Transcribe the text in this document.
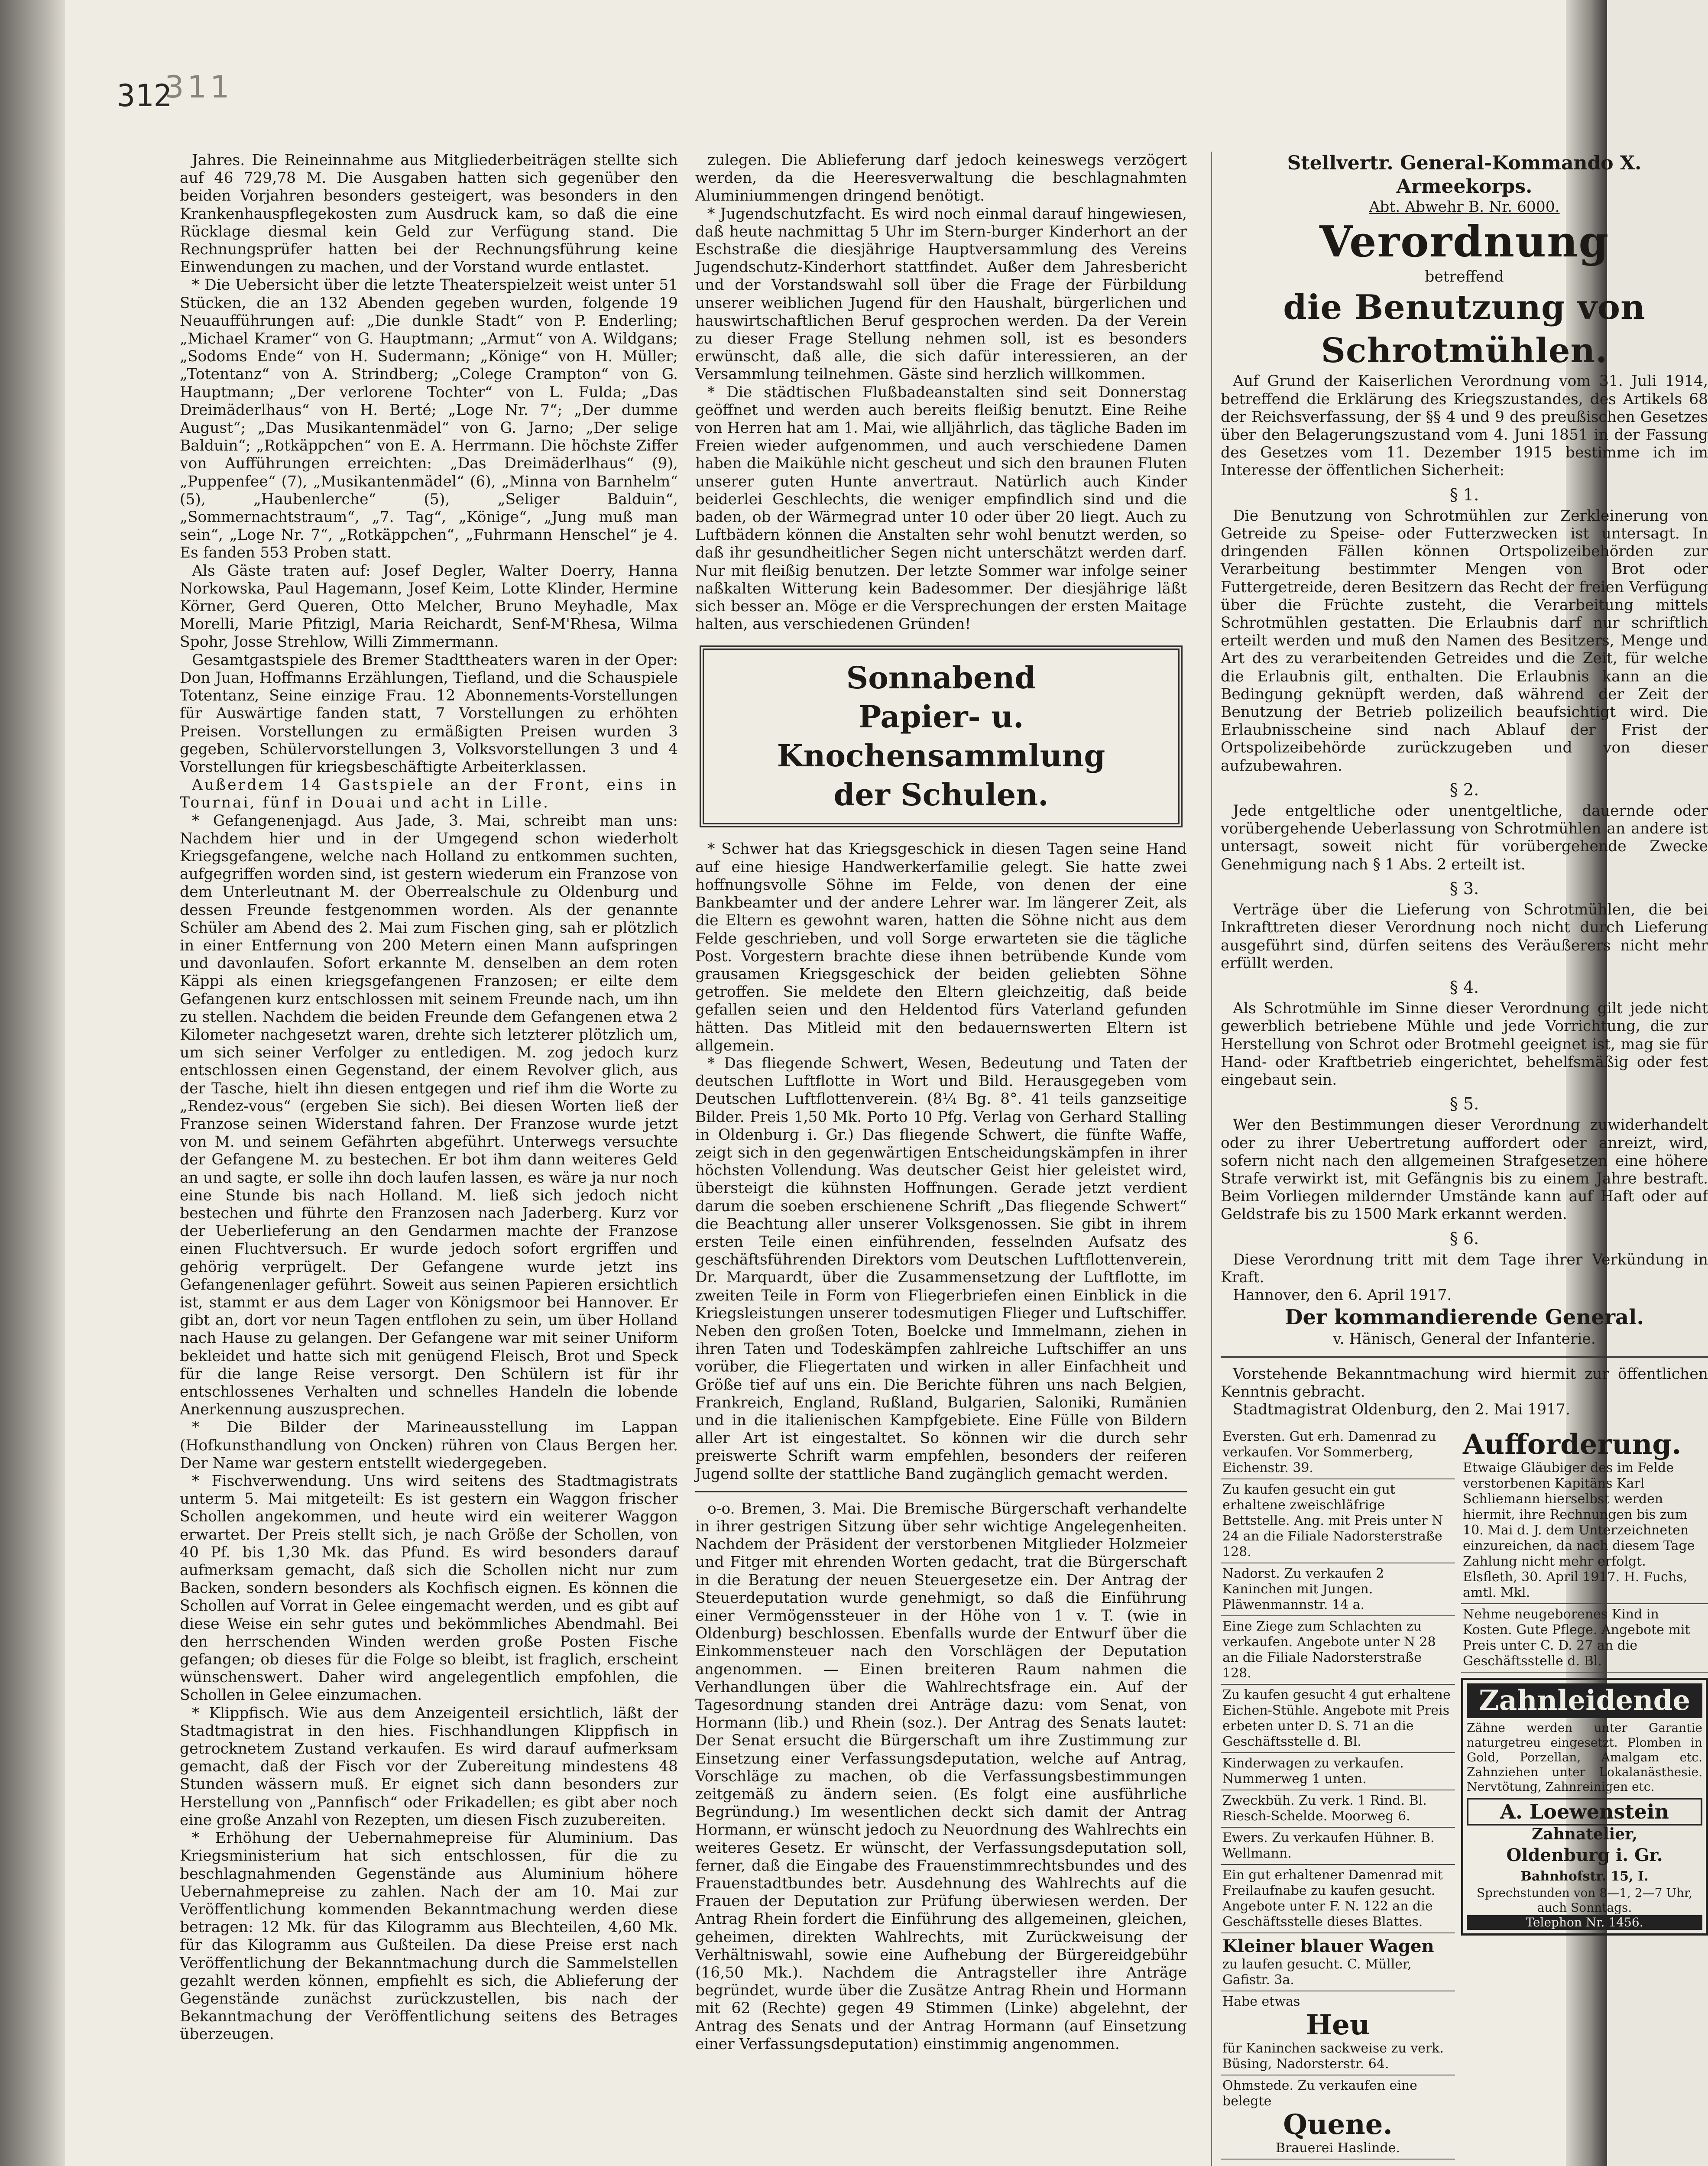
312
311

Jahres. Die Reineinnahme aus Mitgliederbeiträgen stellte sich auf 46 729,78 M. Die Ausgaben hatten sich gegenüber den beiden Vorjahren besonders gesteigert, was besonders in den Krankenhauspflegekosten zum Ausdruck kam, so daß die eine Rücklage diesmal kein Geld zur Verfügung stand. Die Rechnungsprüfer hatten bei der Rechnungsführung keine Einwendungen zu machen, und der Vorstand wurde entlastet.

* Die Uebersicht über die letzte Theaterspielzeit weist unter 51 Stücken, die an 132 Abenden gegeben wurden, folgende 19 Neuaufführungen auf: „Die dunkle Stadt“ von P. Enderling; „Michael Kramer“ von G. Hauptmann; „Armut“ von A. Wildgans; „Sodoms Ende“ von H. Sudermann; „Könige“ von H. Müller; „Totentanz“ von A. Strindberg; „Colege Crampton“ von G. Hauptmann; „Der verlorene Tochter“ von L. Fulda; „Das Dreimäderlhaus“ von H. Berté; „Loge Nr. 7“; „Der dumme August“; „Das Musikantenmädel“ von G. Jarno; „Der selige Balduin“; „Rotkäppchen“ von E. A. Herrmann. Die höchste Ziffer von Aufführungen erreichten: „Das Dreimäderlhaus“ (9), „Puppenfee“ (7), „Musikantenmädel“ (6), „Minna von Barnhelm“ (5), „Haubenlerche“ (5), „Seliger Balduin“, „Sommernachtstraum“, „7. Tag“, „Könige“, „Jung muß man sein“, „Loge Nr. 7“, „Rotkäppchen“, „Fuhrmann Henschel“ je 4. Es fanden 553 Proben statt.

Als Gäste traten auf: Josef Degler, Walter Doerry, Hanna Norkowska, Paul Hagemann, Josef Keim, Lotte Klinder, Hermine Körner, Gerd Queren, Otto Melcher, Bruno Meyhadle, Max Morelli, Marie Pfitzigl, Maria Reichardt, Senf-M'Rhesa, Wilma Spohr, Josse Strehlow, Willi Zimmermann.

Gesamtgastspiele des Bremer Stadttheaters waren in der Oper: Don Juan, Hoffmanns Erzählungen, Tiefland, und die Schauspiele Totentanz, Seine einzige Frau. 12 Abonnements-Vorstellungen für Auswärtige fanden statt, 7 Vorstellungen zu erhöhten Preisen. Vorstellungen zu ermäßigten Preisen wurden 3 gegeben, Schülervorstellungen 3, Volksvorstellungen 3 und 4 Vorstellungen für kriegsbeschäftigte Arbeiterklassen.

Außerdem 14 Gastspiele an der Front, eins in Tournai, fünf in Douai und acht in Lille.

* Gefangenenjagd. Aus Jade, 3. Mai, schreibt man uns: Nachdem hier und in der Umgegend schon wiederholt Kriegsgefangene, welche nach Holland zu entkommen suchten, aufgegriffen worden sind, ist gestern wiederum ein Franzose von dem Unterleutnant M. der Oberrealschule zu Oldenburg und dessen Freunde festgenommen worden. Als der genannte Schüler am Abend des 2. Mai zum Fischen ging, sah er plötzlich in einer Entfernung von 200 Metern einen Mann aufspringen und davonlaufen. Sofort erkannte M. denselben an dem roten Käppi als einen kriegsgefangenen Franzosen; er eilte dem Gefangenen kurz entschlossen mit seinem Freunde nach, um ihn zu stellen. Nachdem die beiden Freunde dem Gefangenen etwa 2 Kilometer nachgesetzt waren, drehte sich letzterer plötzlich um, um sich seiner Verfolger zu entledigen. M. zog jedoch kurz entschlossen einen Gegenstand, der einem Revolver glich, aus der Tasche, hielt ihn diesen entgegen und rief ihm die Worte zu „Rendez-vous“ (ergeben Sie sich). Bei diesen Worten ließ der Franzose seinen Widerstand fahren. Der Franzose wurde jetzt von M. und seinem Gefährten abgeführt. Unterwegs versuchte der Gefangene M. zu bestechen. Er bot ihm dann weiteres Geld an und sagte, er solle ihn doch laufen lassen, es wäre ja nur noch eine Stunde bis nach Holland. M. ließ sich jedoch nicht bestechen und führte den Franzosen nach Jaderberg. Kurz vor der Ueberlieferung an den Gendarmen machte der Franzose einen Fluchtversuch. Er wurde jedoch sofort ergriffen und gehörig verprügelt. Der Gefangene wurde jetzt ins Gefangenenlager geführt. Soweit aus seinen Papieren ersichtlich ist, stammt er aus dem Lager von Königsmoor bei Hannover. Er gibt an, dort vor neun Tagen entflohen zu sein, um über Holland nach Hause zu gelangen. Der Gefangene war mit seiner Uniform bekleidet und hatte sich mit genügend Fleisch, Brot und Speck für die lange Reise versorgt. Den Schülern ist für ihr entschlossenes Verhalten und schnelles Handeln die lobende Anerkennung auszusprechen.

* Die Bilder der Marineausstellung im Lappan (Hofkunsthandlung von Oncken) rühren von Claus Bergen her. Der Name war gestern entstellt wiedergegeben.

* Fischverwendung. Uns wird seitens des Stadtmagistrats unterm 5. Mai mitgeteilt: Es ist gestern ein Waggon frischer Schollen angekommen, und heute wird ein weiterer Waggon erwartet. Der Preis stellt sich, je nach Größe der Schollen, von 40 Pf. bis 1,30 Mk. das Pfund. Es wird besonders darauf aufmerksam gemacht, daß sich die Schollen nicht nur zum Backen, sondern besonders als Kochfisch eignen. Es können die Schollen auf Vorrat in Gelee eingemacht werden, und es gibt auf diese Weise ein sehr gutes und bekömmliches Abendmahl. Bei den herrschenden Winden werden große Posten Fische gefangen; ob dieses für die Folge so bleibt, ist fraglich, erscheint wünschenswert. Daher wird angelegentlich empfohlen, die Schollen in Gelee einzumachen.

* Klippfisch. Wie aus dem Anzeigenteil ersichtlich, läßt der Stadtmagistrat in den hies. Fischhandlungen Klippfisch in getrocknetem Zustand verkaufen. Es wird darauf aufmerksam gemacht, daß der Fisch vor der Zubereitung mindestens 48 Stunden wässern muß. Er eignet sich dann besonders zur Herstellung von „Pannfisch“ oder Frikadellen; es gibt aber noch eine große Anzahl von Rezepten, um diesen Fisch zuzubereiten.

* Erhöhung der Uebernahmepreise für Aluminium. Das Kriegsministerium hat sich entschlossen, für die zu beschlagnahmenden Gegenstände aus Aluminium höhere Uebernahmepreise zu zahlen. Nach der am 10. Mai zur Veröffentlichung kommenden Bekanntmachung werden diese betragen: 12 Mk. für das Kilogramm aus Blechteilen, 4,60 Mk. für das Kilogramm aus Gußteilen. Da diese Preise erst nach Veröffentlichung der Bekanntmachung durch die Sammelstellen gezahlt werden können, empfiehlt es sich, die Ablieferung der Gegenstände zunächst zurückzustellen, bis nach der Bekanntmachung der Veröffentlichung seitens des Betrages überzeugen.

zulegen. Die Ablieferung darf jedoch keineswegs verzögert werden, da die Heeresverwaltung die beschlagnahmten Aluminiummengen dringend benötigt.

* Jugendschutzfacht. Es wird noch einmal darauf hingewiesen, daß heute nachmittag 5 Uhr im Stern-burger Kinderhort an der Eschstraße die diesjährige Hauptversammlung des Vereins Jugendschutz-Kinderhort stattfindet. Außer dem Jahresbericht und der Vorstandswahl soll über die Frage der Fürbildung unserer weiblichen Jugend für den Haushalt, bürgerlichen und hauswirtschaftlichen Beruf gesprochen werden. Da der Verein zu dieser Frage Stellung nehmen soll, ist es besonders erwünscht, daß alle, die sich dafür interessieren, an der Versammlung teilnehmen. Gäste sind herzlich willkommen.

* Die städtischen Flußbadeanstalten sind seit Donnerstag geöffnet und werden auch bereits fleißig benutzt. Eine Reihe von Herren hat am 1. Mai, wie alljährlich, das tägliche Baden im Freien wieder aufgenommen, und auch verschiedene Damen haben die Maikühle nicht gescheut und sich den braunen Fluten unserer guten Hunte anvertraut. Natürlich auch Kinder beiderlei Geschlechts, die weniger empfindlich sind und die baden, ob der Wärmegrad unter 10 oder über 20 liegt. Auch zu Luftbädern können die Anstalten sehr wohl benutzt werden, so daß ihr gesundheitlicher Segen nicht unterschätzt werden darf. Nur mit fleißig benutzen. Der letzte Sommer war infolge seiner naßkalten Witterung kein Badesommer. Der diesjährige läßt sich besser an. Möge er die Versprechungen der ersten Maitage halten, aus verschiedenen Gründen!

Sonnabend
Papier- u. Knochensammlung
der Schulen.

* Schwer hat das Kriegsgeschick in diesen Tagen seine Hand auf eine hiesige Handwerkerfamilie gelegt. Sie hatte zwei hoffnungsvolle Söhne im Felde, von denen der eine Bankbeamter und der andere Lehrer war. Im längerer Zeit, als die Eltern es gewohnt waren, hatten die Söhne nicht aus dem Felde geschrieben, und voll Sorge erwarteten sie die tägliche Post. Vorgestern brachte diese ihnen betrübende Kunde vom grausamen Kriegsgeschick der beiden geliebten Söhne getroffen. Sie meldete den Eltern gleichzeitig, daß beide gefallen seien und den Heldentod fürs Vaterland gefunden hätten. Das Mitleid mit den bedauernswerten Eltern ist allgemein.

* Das fliegende Schwert, Wesen, Bedeutung und Taten der deutschen Luftflotte in Wort und Bild. Herausgegeben vom Deutschen Luftflottenverein. (8¼ Bg. 8°. 41 teils ganzseitige Bilder. Preis 1,50 Mk. Porto 10 Pfg. Verlag von Gerhard Stalling in Oldenburg i. Gr.) Das fliegende Schwert, die fünfte Waffe, zeigt sich in den gegenwärtigen Entscheidungskämpfen in ihrer höchsten Vollendung. Was deutscher Geist hier geleistet wird, übersteigt die kühnsten Hoffnungen. Gerade jetzt verdient darum die soeben erschienene Schrift „Das fliegende Schwert“ die Beachtung aller unserer Volksgenossen. Sie gibt in ihrem ersten Teile einen einführenden, fesselnden Aufsatz des geschäftsführenden Direktors vom Deutschen Luftflottenverein, Dr. Marquardt, über die Zusammensetzung der Luftflotte, im zweiten Teile in Form von Fliegerbriefen einen Einblick in die Kriegsleistungen unserer todesmutigen Flieger und Luftschiffer. Neben den großen Toten, Boelcke und Immelmann, ziehen in ihren Taten und Todeskämpfen zahlreiche Luftschiffer an uns vorüber, die Fliegertaten und wirken in aller Einfachheit und Größe tief auf uns ein. Die Berichte führen uns nach Belgien, Frankreich, England, Rußland, Bulgarien, Saloniki, Rumänien und in die italienischen Kampfgebiete. Eine Fülle von Bildern aller Art ist eingestaltet. So können wir die durch sehr preiswerte Schrift warm empfehlen, besonders der reiferen Jugend sollte der stattliche Band zugänglich gemacht werden.

o-o. Bremen, 3. Mai. Die Bremische Bürgerschaft verhandelte in ihrer gestrigen Sitzung über sehr wichtige Angelegenheiten. Nachdem der Präsident der verstorbenen Mitglieder Holzmeier und Fitger mit ehrenden Worten gedacht, trat die Bürgerschaft in die Beratung der neuen Steuergesetze ein. Der Antrag der Steuerdeputation wurde genehmigt, so daß die Einführung einer Vermögenssteuer in der Höhe von 1 v. T. (wie in Oldenburg) beschlossen. Ebenfalls wurde der Entwurf über die Einkommensteuer nach den Vorschlägen der Deputation angenommen. — Einen breiteren Raum nahmen die Verhandlungen über die Wahlrechtsfrage ein. Auf der Tagesordnung standen drei Anträge dazu: vom Senat, von Hormann (lib.) und Rhein (soz.). Der Antrag des Senats lautet: Der Senat ersucht die Bürgerschaft um ihre Zustimmung zur Einsetzung einer Verfassungsdeputation, welche auf Antrag, Vorschläge zu machen, ob die Verfassungsbestimmungen zeitgemäß zu ändern seien. (Es folgt eine ausführliche Begründung.) Im wesentlichen deckt sich damit der Antrag Hormann, er wünscht jedoch zu Neuordnung des Wahlrechts ein weiteres Gesetz. Er wünscht, der Verfassungsdeputation soll, ferner, daß die Eingabe des Frauenstimmrechtsbundes und des Frauenstadtbundes betr. Ausdehnung des Wahlrechts auf die Frauen der Deputation zur Prüfung überwiesen werden. Der Antrag Rhein fordert die Einführung des allgemeinen, gleichen, geheimen, direkten Wahlrechts, mit Zurückweisung der Verhältniswahl, sowie eine Aufhebung der Bürgereidgebühr (16,50 Mk.). Nachdem die Antragsteller ihre Anträge begründet, wurde über die Zusätze Antrag Rhein und Hormann mit 62 (Rechte) gegen 49 Stimmen (Linke) abgelehnt, der Antrag des Senats und der Antrag Hormann (auf Einsetzung einer Verfassungsdeputation) einstimmig angenommen.

Stellvertr. General-Kommando X. Armeekorps.

Abt. Abwehr B. Nr. 6000.

Verordnung

betreffend

die Benutzung von Schrotmühlen.

Auf Grund der Kaiserlichen Verordnung vom 31. Juli 1914, betreffend die Erklärung des Kriegszustandes, des Artikels 68 der Reichsverfassung, der §§ 4 und 9 des preußischen Gesetzes über den Belagerungszustand vom 4. Juni 1851 in der Fassung des Gesetzes vom 11. Dezember 1915 bestimme ich im Interesse der öffentlichen Sicherheit:

§ 1.

Die Benutzung von Schrotmühlen zur Zerkleinerung von Getreide zu Speise- oder Futterzwecken ist untersagt. In dringenden Fällen können Ortspolizeibehörden zur Verarbeitung bestimmter Mengen von Brot oder Futtergetreide, deren Besitzern das Recht der freien Verfügung über die Früchte zusteht, die Verarbeitung mittels Schrotmühlen gestatten. Die Erlaubnis darf nur schriftlich erteilt werden und muß den Namen des Besitzers, Menge und Art des zu verarbeitenden Getreides und die Zeit, für welche die Erlaubnis gilt, enthalten. Die Erlaubnis kann an die Bedingung geknüpft werden, daß während der Zeit der Benutzung der Betrieb polizeilich beaufsichtigt wird. Die Erlaubnisscheine sind nach Ablauf der Frist der Ortspolizeibehörde zurückzugeben und von dieser aufzubewahren.

§ 2.

Jede entgeltliche oder unentgeltliche, dauernde oder vorübergehende Ueberlassung von Schrotmühlen an andere ist untersagt, soweit nicht für vorübergehende Zwecke Genehmigung nach § 1 Abs. 2 erteilt ist.

§ 3.

Verträge über die Lieferung von Schrotmühlen, die bei Inkrafttreten dieser Verordnung noch nicht durch Lieferung ausgeführt sind, dürfen seitens des Veräußerers nicht mehr erfüllt werden.

§ 4.

Als Schrotmühle im Sinne dieser Verordnung gilt jede nicht gewerblich betriebene Mühle und jede Vorrichtung, die zur Herstellung von Schrot oder Brotmehl geeignet ist, mag sie für Hand- oder Kraftbetrieb eingerichtet, behelfsmäßig oder fest eingebaut sein.

§ 5.

Wer den Bestimmungen dieser Verordnung zuwiderhandelt oder zu ihrer Uebertretung auffordert oder anreizt, wird, sofern nicht nach den allgemeinen Strafgesetzen eine höhere Strafe verwirkt ist, mit Gefängnis bis zu einem Jahre bestraft. Beim Vorliegen mildernder Umstände kann auf Haft oder auf Geldstrafe bis zu 1500 Mark erkannt werden.

§ 6.

Diese Verordnung tritt mit dem Tage ihrer Verkündung in Kraft.

Hannover, den 6. April 1917.

Der kommandierende General.

v. Hänisch, General der Infanterie.

Vorstehende Bekanntmachung wird hiermit zur öffentlichen Kenntnis gebracht.

Stadtmagistrat Oldenburg, den 2. Mai 1917.

Eversten. Gut erh. Damenrad zu verkaufen. Vor Sommerberg, Eichenstr. 39.
Zu kaufen gesucht ein gut erhaltene zweischläfrige Bettstelle. Ang. mit Preis unter N 24 an die Filiale Nadorsterstraße 128.
Nadorst. Zu verkaufen 2 Kaninchen mit Jungen. Pläwenmannstr. 14 a.
Eine Ziege zum Schlachten zu verkaufen. Angebote unter N 28 an die Filiale Nadorsterstraße 128.
Zu kaufen gesucht 4 gut erhaltene Eichen-Stühle. Angebote mit Preis erbeten unter D. S. 71 an die Geschäftsstelle d. Bl.
Kinderwagen zu verkaufen. Nummerweg 1 unten.
Zweckbüh. Zu verk. 1 Rind. Bl. Riesch-Schelde. Moorweg 6.
Ewers. Zu verkaufen Hühner. B. Wellmann.
Ein gut erhaltener Damenrad mit Freilaufnabe zu kaufen gesucht. Angebote unter F. N. 122 an die Geschäftsstelle dieses Blattes.
Kleiner blauer Wagen
zu laufen gesucht. C. Müller, Gafistr. 3a.
Habe etwas
Heu
für Kaninchen sackweise zu verk. Büsing, Nadorsterstr. 64.
Ohmstede. Zu verkaufen eine belegte
Quene.
Brauerei Haslinde.
Aufforderung.
Etwaige Gläubiger des im Felde verstorbenen Kapitäns Karl Schliemann hierselbst werden hiermit, ihre Rechnungen bis zum 10. Mai d. J. dem Unterzeichneten einzureichen, da nach diesem Tage Zahlung nicht mehr erfolgt.
Elsfleth, 30. April 1917. H. Fuchs, amtl. Mkl.
Nehme neugeborenes Kind in Kosten. Gute Pflege. Angebote mit Preis unter C. D. 27 an die Geschäftsstelle d. Bl.
Zahnleidende
Zähne werden unter Garantie naturgetreu eingesetzt. Plomben in Gold, Porzellan, Amalgam etc. Zahnziehen unter Lokalanästhesie. Nervtötung, Zahnreinigen etc.
A. Loewenstein
Zahnatelier,
Oldenburg i. Gr.
Bahnhofstr. 15, I.
Sprechstunden von 8—1, 2—7 Uhr, auch Sonntags.
Telephon Nr. 1456.
